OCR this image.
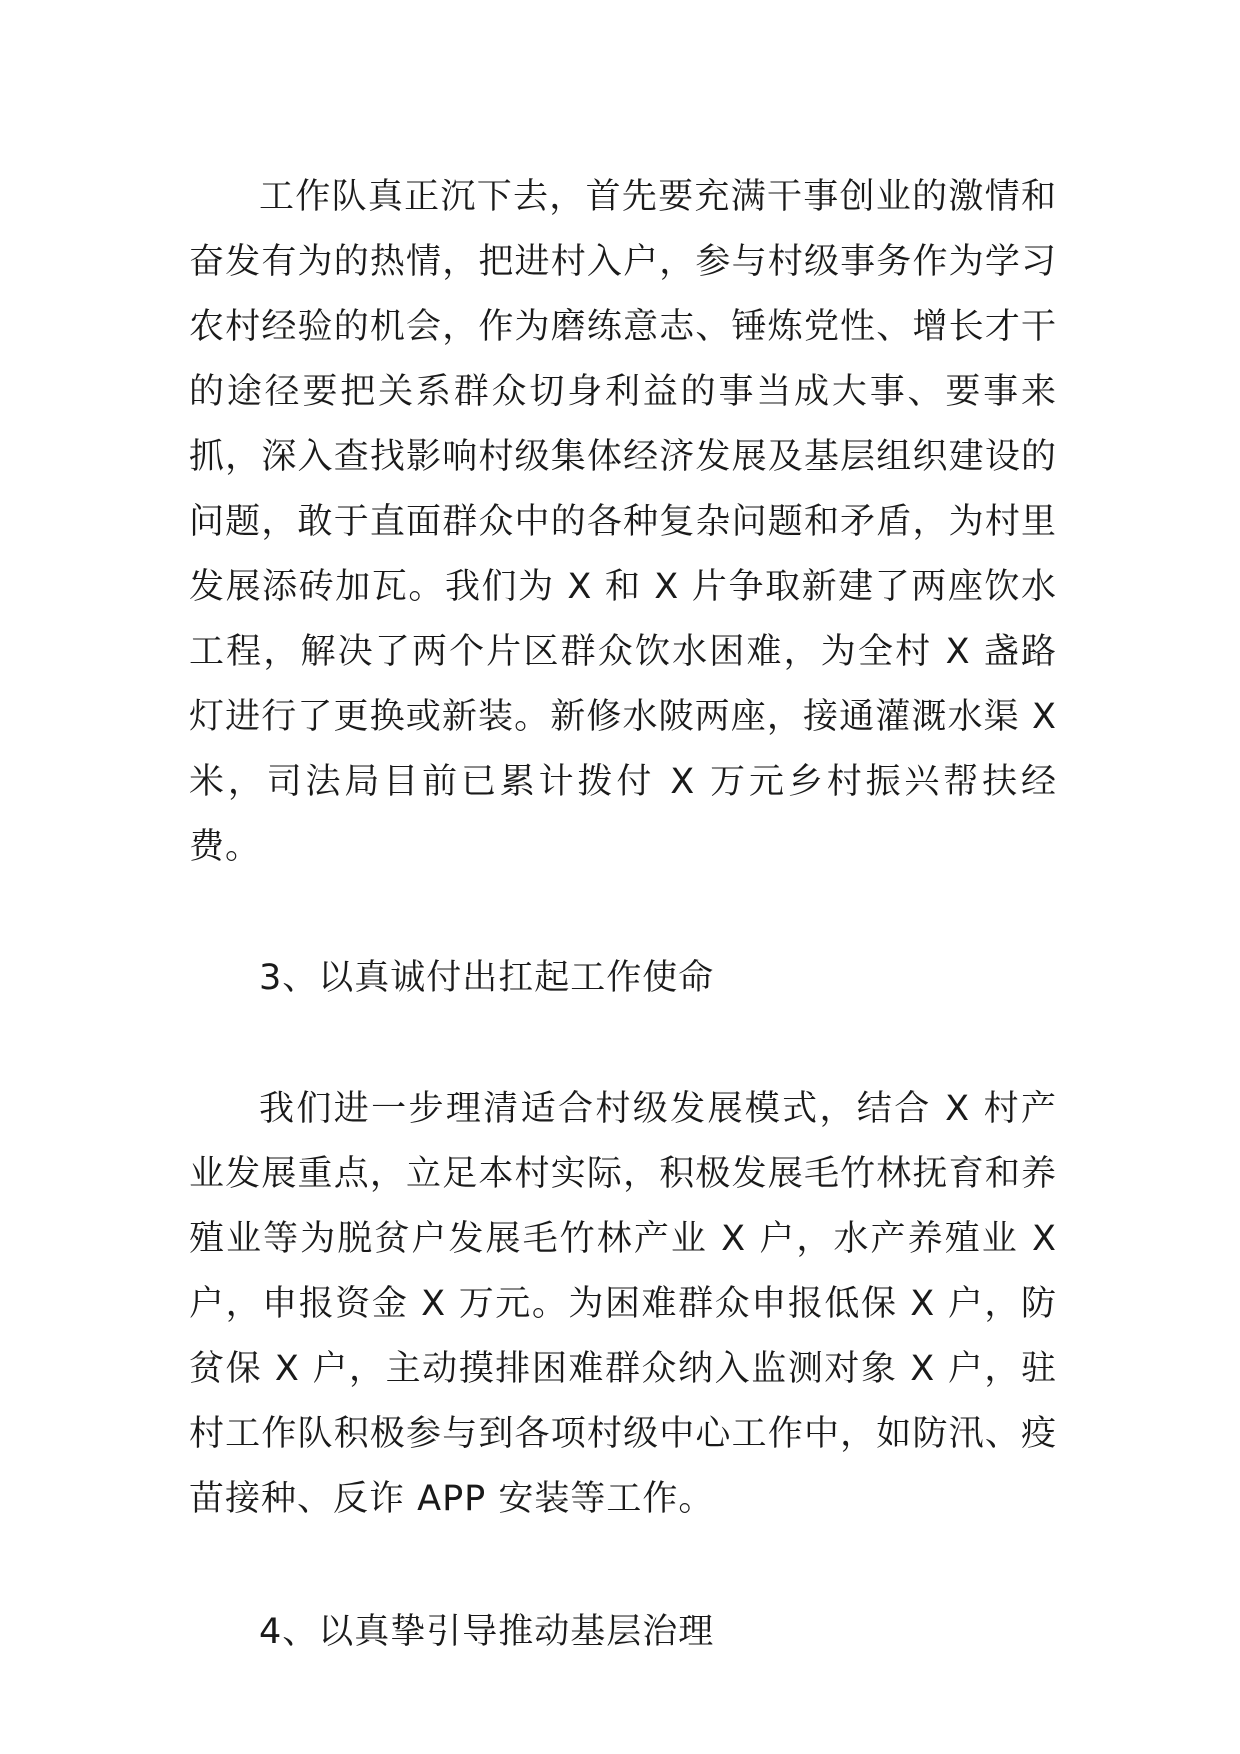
工作队真正沉下去，首先要充满干事创业的激情和奋发有为的热情，把进村入户，参与村级事务作为学习农村经验的机会，作为磨练意志、锤炼党性、增长才干的途径要把关系群众切身利益的事当成大事、要事来抓，深入查找影响村级集体经济发展及基层组织建设的问题，敢于直面群众中的各种复杂问题和矛盾，为村里发展添砖加瓦。我们为 X 和 X 片争取新建了两座饮水工程，解决了两个片区群众饮水困难，为全村 X 盏路灯进行了更换或新装。新修水陂两座，接通灌溉水渠 X 米，司法局目前已累计拨付 X 万元乡村振兴帮扶经费。

3、以真诚付出扛起工作使命

我们进一步理清适合村级发展模式，结合 X 村产业发展重点，立足本村实际，积极发展毛竹林抚育和养殖业等为脱贫户发展毛竹林产业 X 户，水产养殖业 X 户，申报资金 X 万元。为困难群众申报低保 X 户，防贫保 X 户，主动摸排困难群众纳入监测对象 X 户，驻村工作队积极参与到各项村级中心工作中，如防汛、疫苗接种、反诈 APP 安装等工作。

4、以真挚引导推动基层治理
